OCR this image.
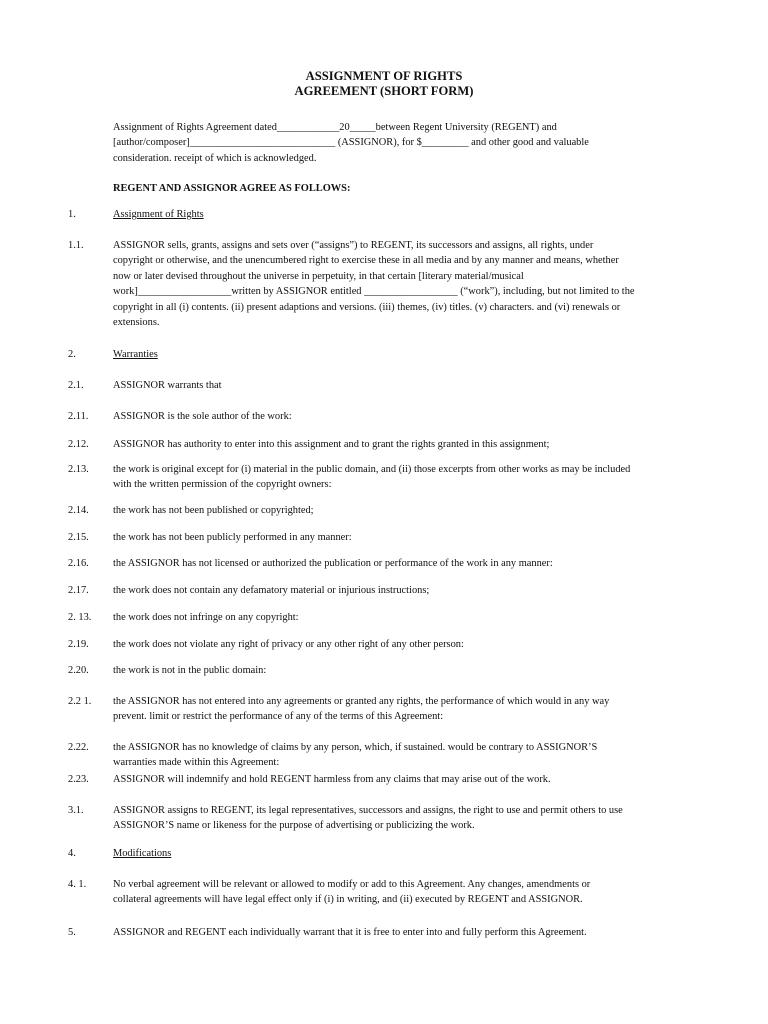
ASSIGNMENT OF RIGHTS
AGREEMENT (SHORT FORM)
Assignment of Rights Agreement dated____________20_____between Regent University (REGENT) and
[author/composer]____________________________ (ASSIGNOR), for $_________ and other good and valuable
consideration. receipt of which is acknowledged.
REGENT AND ASSIGNOR AGREE AS FOLLOWS:
1.	Assignment of Rights
1.1.	ASSIGNOR sells, grants, assigns and sets over (“assigns”) to REGENT, its successors and assigns, all rights, under
copyright or otherwise, and the unencumbered right to exercise these in all media and by any manner and means, whether
now or later devised throughout the universe in perpetuity, in that certain [literary material/musical
work]__________________written by ASSIGNOR entitled __________________ (“work”), including, but not limited to the
copyright in all (i) contents. (ii) present adaptions and versions. (iii) themes, (iv) titles. (v) characters. and (vi) renewals or
extensions.
2.	Warranties
2.1.	ASSIGNOR warrants that
2.11. ASSIGNOR is the sole author of the work:
2.12. ASSIGNOR has authority to enter into this assignment and to grant the rights granted in this assignment;
2.13. the work is original except for (i) material in the public domain, and (ii) those excerpts from other works as may be included
with the written permission of the copyright owners:
2.14. the work has not been published or copyrighted;
2.15. the work has not been publicly performed in any manner:
2.16. the ASSIGNOR has not licensed or authorized the publication or performance of the work in any manner:
2.17. the work does not contain any defamatory material or injurious instructions;
2. 13. the work does not infringe on any copyright:
2.19. the work does not violate any right of privacy or any other right of any other person:
2.20. the work is not in the public domain:
2.2 1. the ASSIGNOR has not entered into any agreements or granted any rights, the performance of which would in any way
prevent. limit or restrict the performance of any of the terms of this Agreement:
2.22. the ASSIGNOR has no knowledge of claims by any person, which, if sustained. would be contrary to ASSIGNOR’S
warranties made within this Agreement:
2.23. ASSIGNOR will indemnify and hold REGENT harmless from any claims that may arise out of the work.
3.1.	ASSIGNOR assigns to REGENT, its legal representatives, successors and assigns, the right to use and permit others to use
ASSIGNOR’S name or likeness for the purpose of advertising or publicizing the work.
4.	Modifications
4. 1.	No verbal agreement will be relevant or allowed to modify or add to this Agreement. Any changes, amendments or
collateral agreements will have legal effect only if (i) in writing, and (ii) executed by REGENT and ASSIGNOR.
5.	ASSIGNOR and REGENT each individually warrant that it is free to enter into and fully perform this Agreement.
